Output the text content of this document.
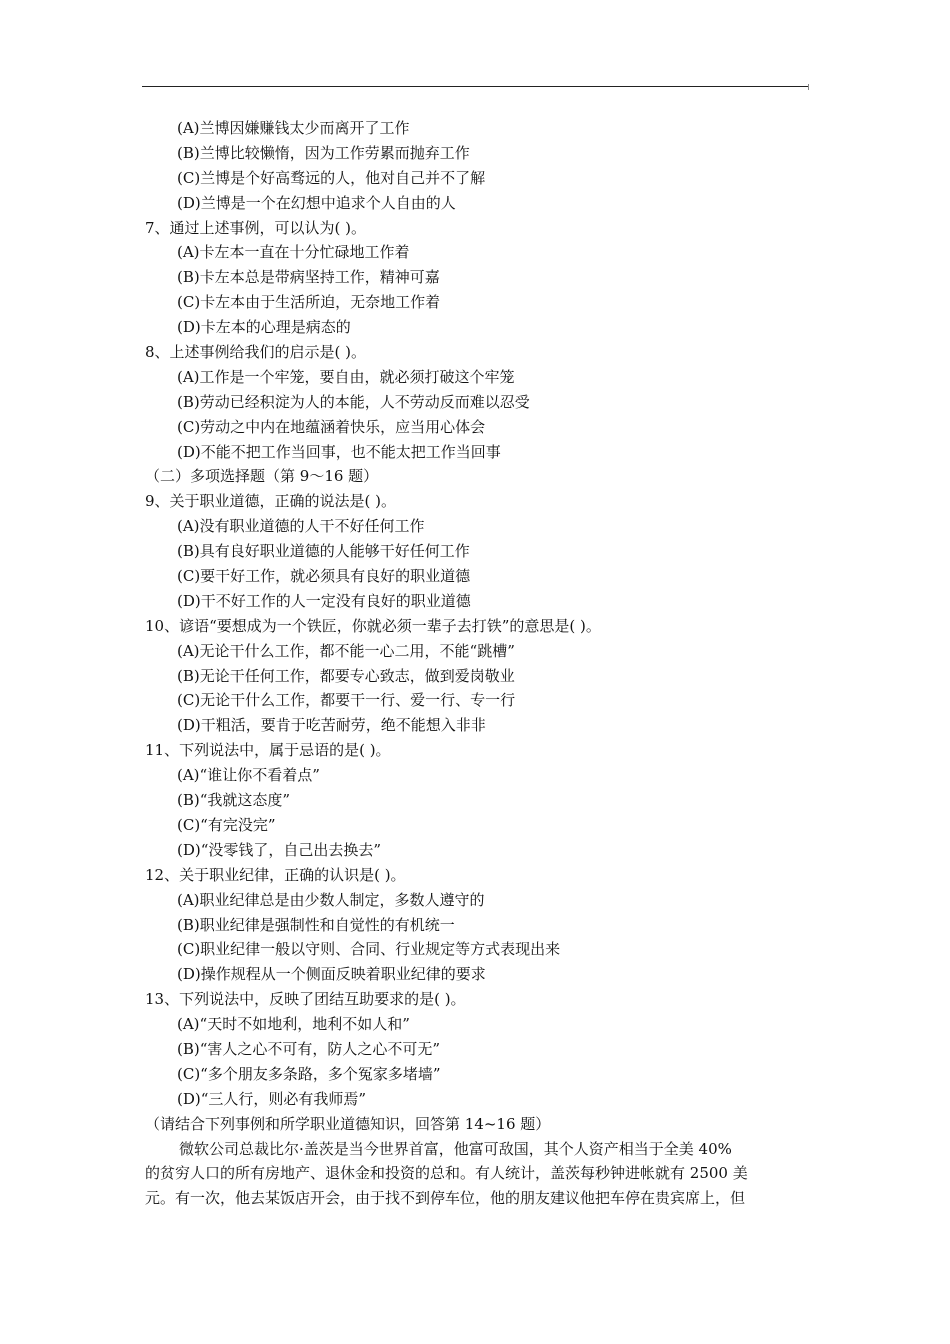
(A)兰博因嫌赚钱太少而离开了工作
(B)兰博比较懒惰，因为工作劳累而抛弃工作
(C)兰博是个好高骛远的人，他对自己并不了解
(D)兰博是一个在幻想中追求个人自由的人
7、通过上述事例，可以认为( )。
(A)卡左本一直在十分忙碌地工作着
(B)卡左本总是带病坚持工作，精神可嘉
(C)卡左本由于生活所迫，无奈地工作着
(D)卡左本的心理是病态的
8、上述事例给我们的启示是( )。
(A)工作是一个牢笼，要自由，就必须打破这个牢笼
(B)劳动已经积淀为人的本能，人不劳动反而难以忍受
(C)劳动之中内在地蕴涵着快乐，应当用心体会
(D)不能不把工作当回事，也不能太把工作当回事
（二）多项选择题（第 9～16 题）
9、关于职业道德，正确的说法是( )。
(A)没有职业道德的人干不好任何工作
(B)具有良好职业道德的人能够干好任何工作
(C)要干好工作，就必须具有良好的职业道德
(D)干不好工作的人一定没有良好的职业道德
10、谚语“要想成为一个铁匠，你就必须一辈子去打铁”的意思是( )。
(A)无论干什么工作，都不能一心二用，不能“跳槽”
(B)无论干任何工作，都要专心致志，做到爱岗敬业
(C)无论干什么工作，都要干一行、爱一行、专一行
(D)干粗活，要肯于吃苦耐劳，绝不能想入非非
11、下列说法中，属于忌语的是( )。
(A)“谁让你不看着点”
(B)“我就这态度”
(C)“有完没完”
(D)“没零钱了，自己出去换去”
12、关于职业纪律，正确的认识是( )。
(A)职业纪律总是由少数人制定，多数人遵守的
(B)职业纪律是强制性和自觉性的有机统一
(C)职业纪律一般以守则、合同、行业规定等方式表现出来
(D)操作规程从一个侧面反映着职业纪律的要求
13、下列说法中，反映了团结互助要求的是( )。
(A)“天时不如地利，地利不如人和”
(B)“害人之心不可有，防人之心不可无”
(C)“多个朋友多条路，多个冤家多堵墙”
(D)“三人行，则必有我师焉”
（请结合下列事例和所学职业道德知识，回答第 14~16 题）
微软公司总裁比尔·盖茨是当今世界首富，他富可敌国，其个人资产相当于全美 40%
的贫穷人口的所有房地产、退休金和投资的总和。有人统计，盖茨每秒钟进帐就有 2500 美
元。有一次，他去某饭店开会，由于找不到停车位，他的朋友建议他把车停在贵宾席上，但
